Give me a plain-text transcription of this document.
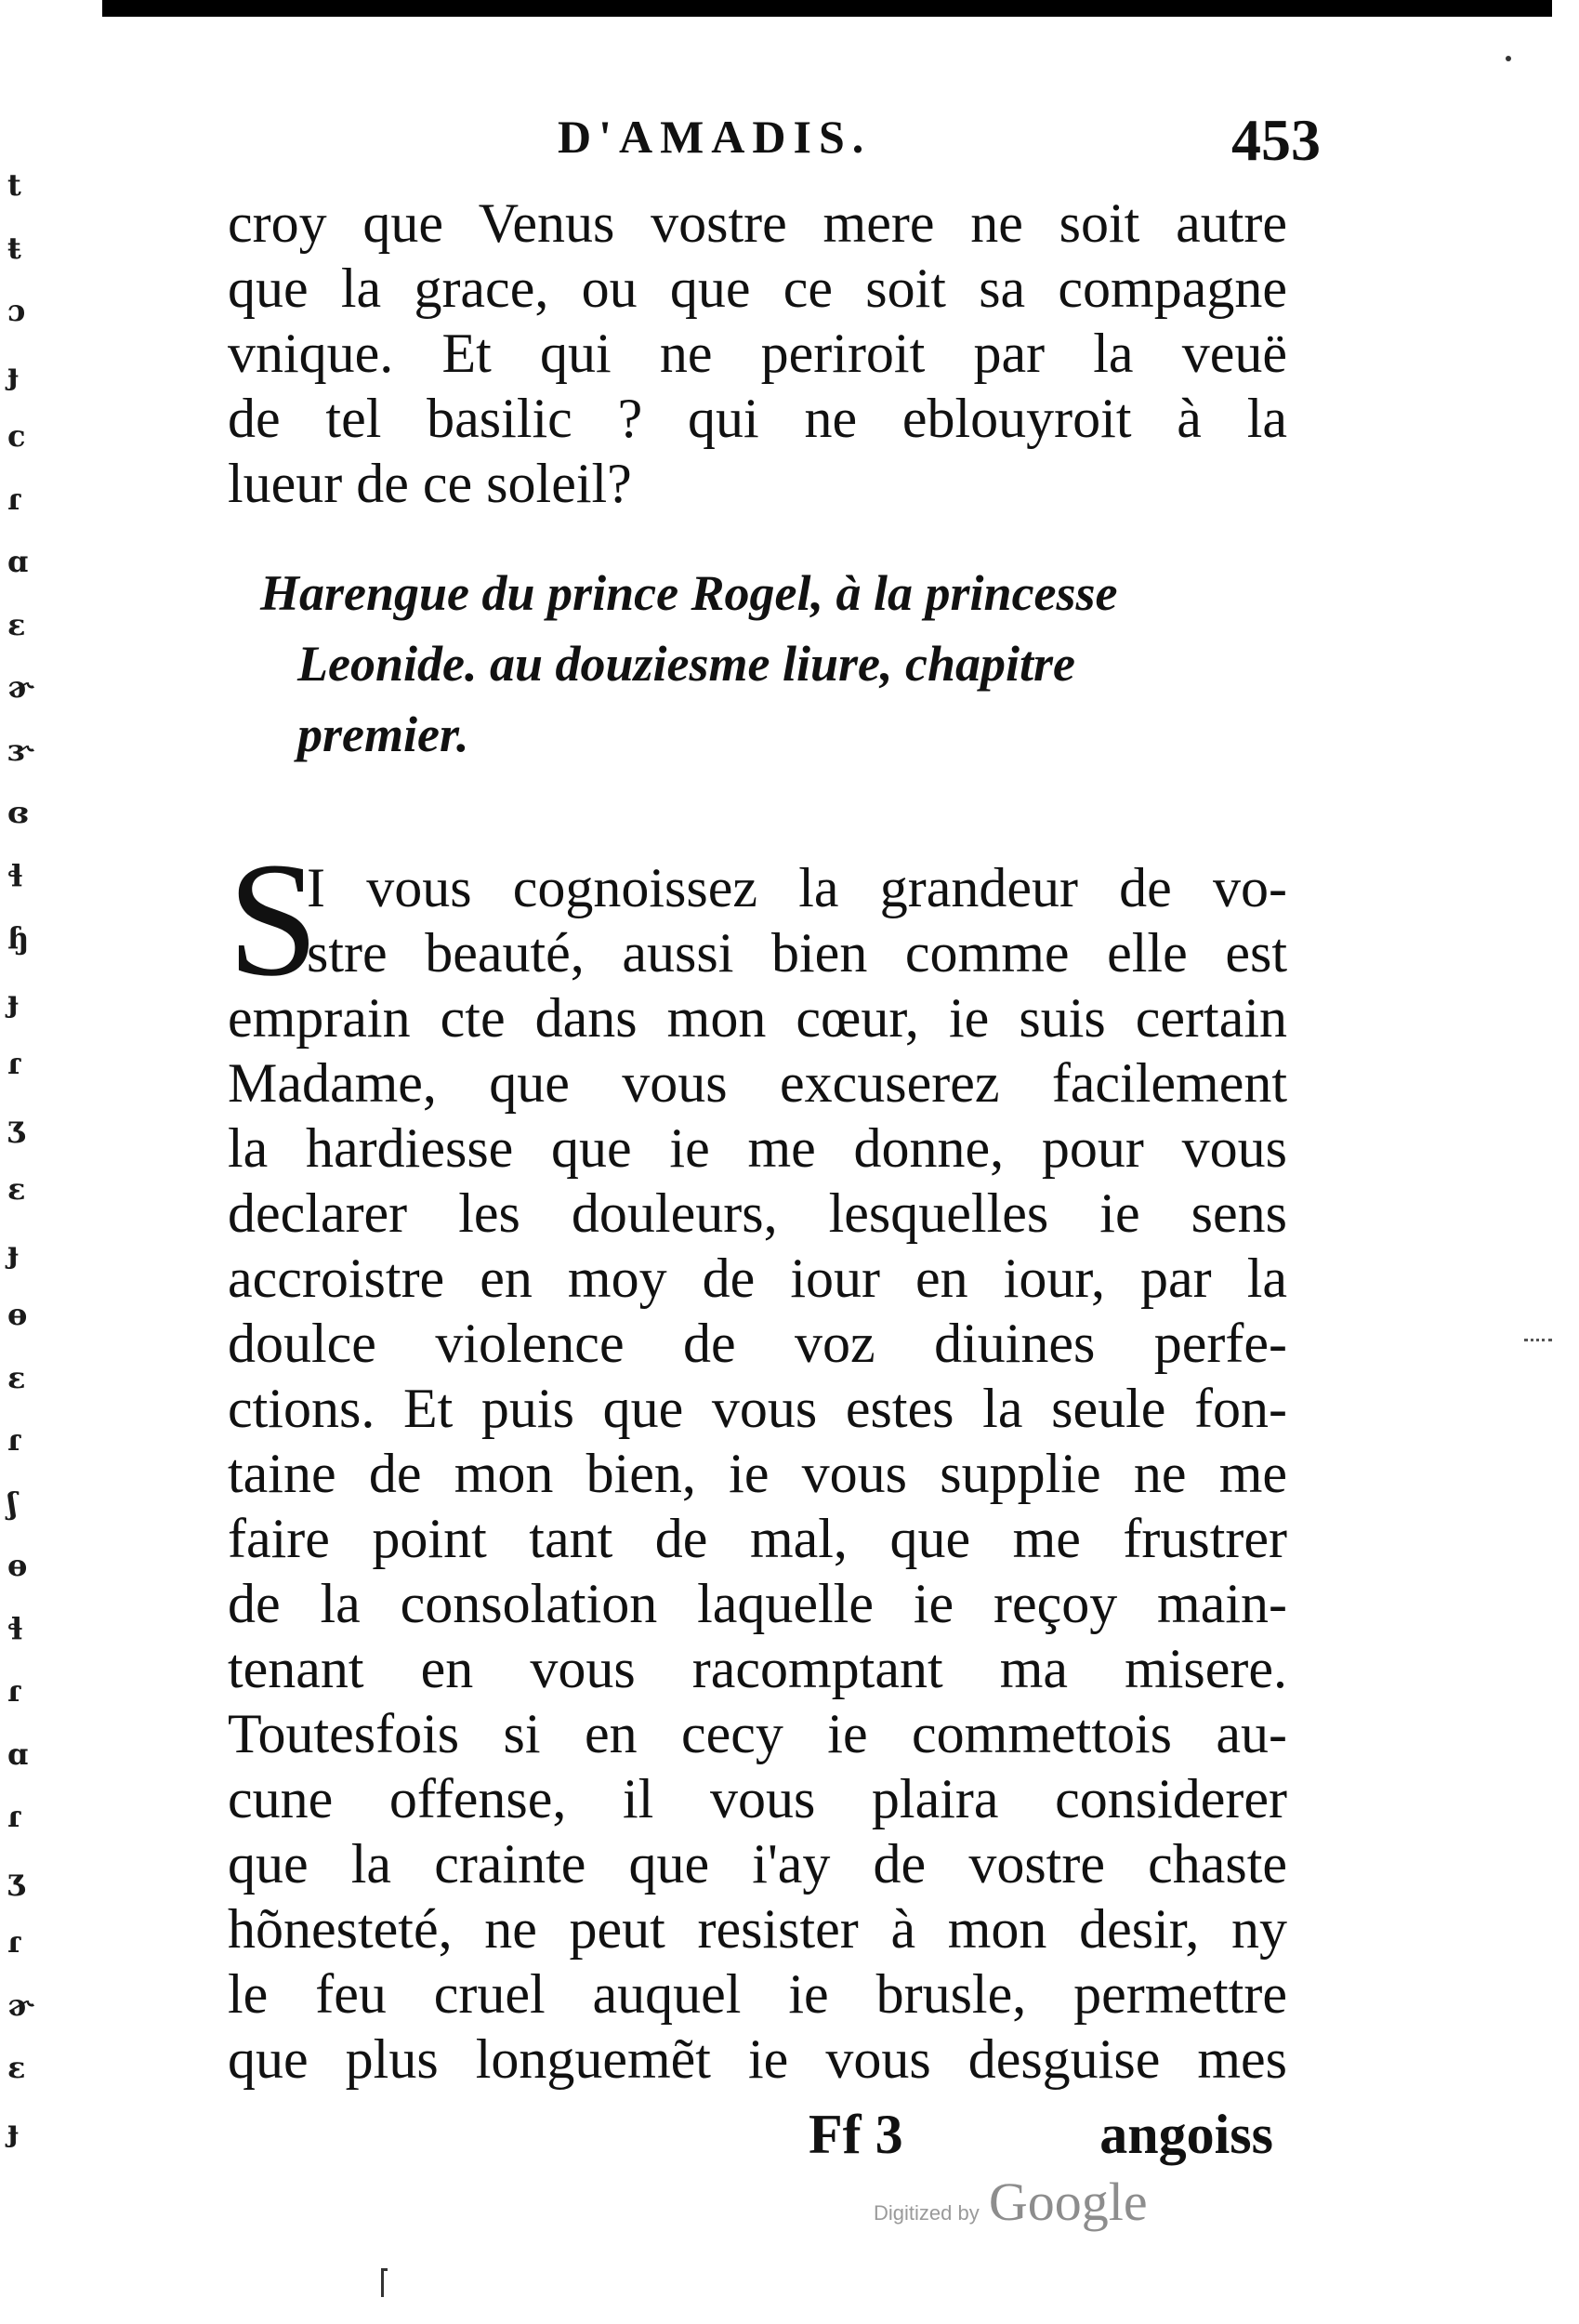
t
ŧ
ɔ
ɟ
c
ɾ
ɑ
ɛ
ɚ
ɝ
ɞ
ɬ
ɧ
ɟ
ɾ
ʒ
ɛ
ɟ
ɵ
ɛ
ɾ
ʃ
ɵ
ɬ
ɾ
ɑ
ɾ
ʒ
ɾ
ɚ
ɛ
ɟ
D'AMADIS.	453
croy que Venus vostre mere ne soit autre
que la grace, ou que ce soit sa compagne
vnique. Et qui ne periroit par la veuë
de tel basilic ? qui ne eblouyroit à la
lueur de ce soleil?
Harengue du prince Rogel, à la princesse
Leonide. au douziesme liure, chapitre
premier.
S
I vous cognoissez la grandeur de vo-
stre beauté, aussi bien comme elle est
emprain cte dans mon cœur, ie suis certain
Madame, que vous excuserez facilement
la hardiesse que ie me donne, pour vous
declarer les douleurs, lesquelles ie sens
accroistre en moy de iour en iour, par la
doulce violence de voz diuines perfe-
ctions. Et puis que vous estes la seule fon-
taine de mon bien, ie vous supplie ne me
faire point tant de mal, que me frustrer
de la consolation laquelle ie reçoy main-
tenant en vous racomptant ma misere.
Toutesfois si en cecy ie commettois au-
cune offense, il vous plaira considerer
que la crainte que i'ay de vostre chaste
hõnesteté, ne peut resister à mon desir, ny
le feu cruel auquel ie brusle, permettre
que plus longuemẽt ie vous desguise mes
Ff 3	angoiss
Digitized by Google
